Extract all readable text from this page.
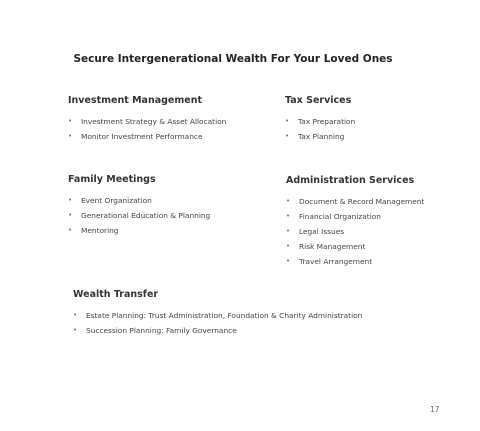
Secure Intergenerational Wealth For Your Loved Ones
Investment Management
• Investment Strategy & Asset Allocation
• Monitor Investment Performance
Tax Services
• Tax Preparation
• Tax Planning
Family Meetings
• Event Organization
• Generational Education & Planning
• Mentoring
Administration Services
• Document & Record Management
• Financial Organization
• Legal Issues
• Risk Management
• Travel Arrangement
Wealth Transfer
• Estate Planning: Trust Administration, Foundation & Charity Administration
• Succession Planning: Family Governance
17
